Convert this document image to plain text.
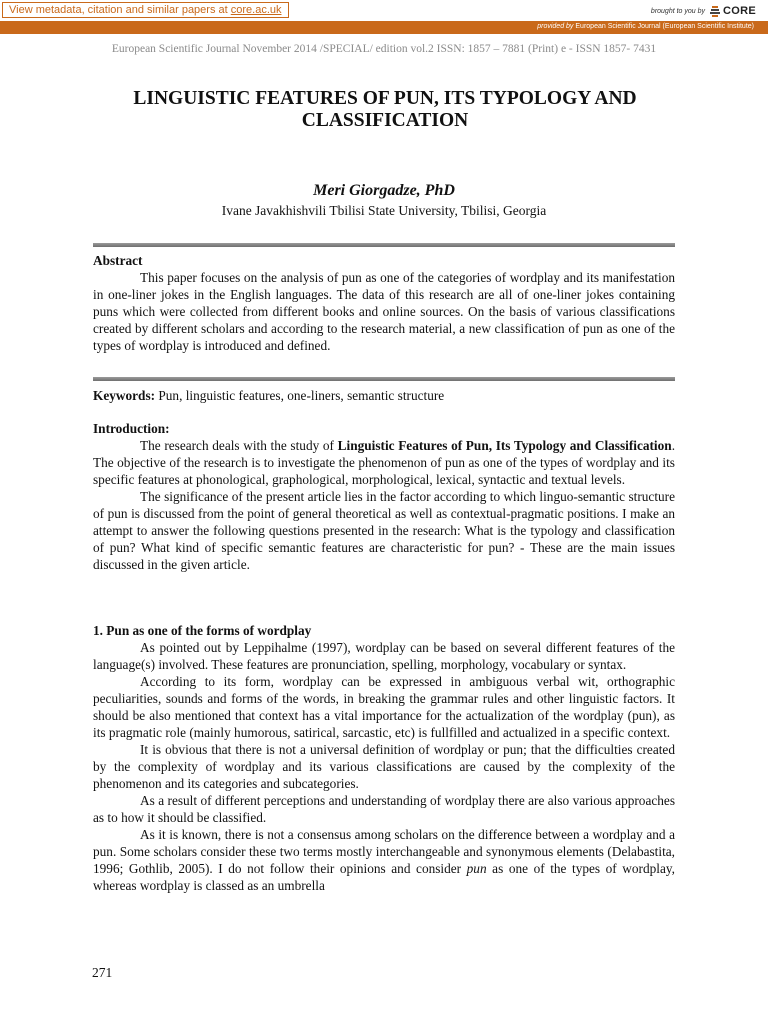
View metadata, citation and similar papers at core.ac.uk	brought to you by CORE
provided by European Scientific Journal (European Scientific Institute)
European Scientific Journal November 2014 /SPECIAL/ edition vol.2 ISSN: 1857 – 7881 (Print) e - ISSN 1857- 7431
LINGUISTIC FEATURES OF PUN, ITS TYPOLOGY AND
CLASSIFICATION
Meri Giorgadze, PhD
Ivane Javakhishvili Tbilisi State University, Tbilisi, Georgia

Abstract

This paper focuses on the analysis of pun as one of the categories of wordplay and its manifestation in one-liner jokes in the English languages. The data of this research are all of one-liner jokes containing puns which were collected from different books and online sources. On the basis of various classifications created by different scholars and according to the research material, a new classification of pun as one of the types of wordplay is introduced and defined.

Keywords: Pun, linguistic features, one-liners, semantic structure

Introduction:

The research deals with the study of Linguistic Features of Pun, Its Typology and Classification. The objective of the research is to investigate the phenomenon of pun as one of the types of wordplay and its specific features at phonological, graphological, morphological, lexical, syntactic and textual levels.

The significance of the present article lies in the factor according to which linguo-semantic structure of pun is discussed from the point of general theoretical as well as contextual-pragmatic positions. I make an attempt to answer the following questions presented in the research: What is the typology and classification of pun? What kind of specific semantic features are characteristic for pun? - These are the main issues discussed in the given article.

1. Pun as one of the forms of wordplay

As pointed out by Leppihalme (1997), wordplay can be based on several different features of the language(s) involved. These features are pronunciation, spelling, morphology, vocabulary or syntax.

According to its form, wordplay can be expressed in ambiguous verbal wit, orthographic peculiarities, sounds and forms of the words, in breaking the grammar rules and other linguistic factors. It should be also mentioned that context has a vital importance for the actualization of the wordplay (pun), as its pragmatic role (mainly humorous, satirical, sarcastic, etc) is fullfilled and actualized in a specific context.

It is obvious that there is not a universal definition of wordplay or pun; that the difficulties created by the complexity of wordplay and its various classifications are caused by the complexity of the phenomenon and its categories and subcategories.

As a result of different perceptions and understanding of wordplay there are also various approaches as to how it should be classified.

As it is known, there is not a consensus among scholars on the difference between a wordplay and a pun. Some scholars consider these two terms mostly interchangeable and synonymous elements (Delabastita, 1996; Gothlib, 2005). I do not follow their opinions and consider pun as one of the types of wordplay, whereas wordplay is classed as an umbrella

271
